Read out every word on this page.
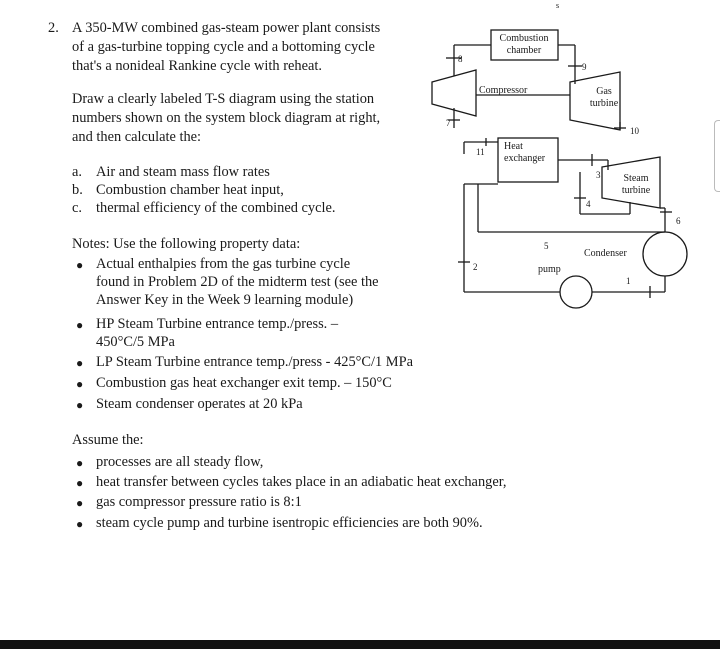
2. A 350-MW combined gas-steam power plant consists
of a gas-turbine topping cycle and a bottoming cycle
that's a nonideal Rankine cycle with reheat.
Draw a clearly labeled T-S diagram using the station
numbers shown on the system block diagram at right,
and then calculate the:
a. Air and steam mass flow rates
b. Combustion chamber heat input,
c. thermal efficiency of the combined cycle.
Notes: Use the following property data:
● Actual enthalpies from the gas turbine cycle
found in Problem 2D of the midterm test (see the
Answer Key in the Week 9 learning module)
● HP Steam Turbine entrance temp./press. –
450°C/5 MPa
● LP Steam Turbine entrance temp./press - 425°C/1 MPa
● Combustion gas heat exchanger exit temp. – 150°C
● Steam condenser operates at 20 kPa
Assume the:
● processes are all steady flow,
● heat transfer between cycles takes place in an adiabatic heat exchanger,
● gas compressor pressure ratio is 8:1
● steam cycle pump and turbine isentropic efficiencies are both 90%.
Combustion
chamber
Compressor	Gas
turbine
Heat
exchanger
Steam
turbine
Condenser
pump
1
2
3
4
5
6
7
8
9
10
11
s
